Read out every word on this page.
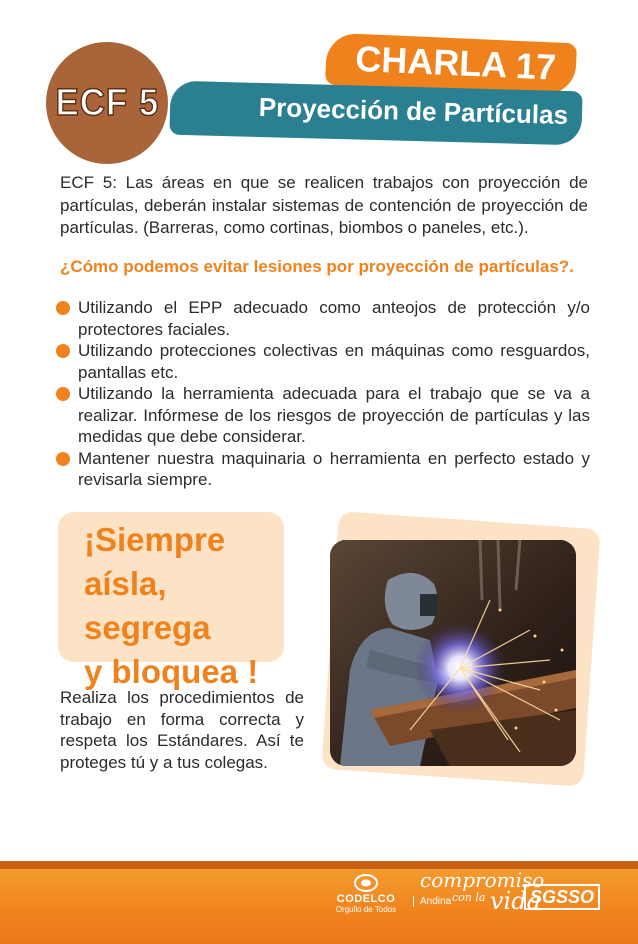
ECF 5
CHARLA 17
Proyección de Partículas
ECF 5: Las áreas en que se realicen trabajos con proyección de partículas, deberán instalar sistemas de contención de proyección de partículas. (Barreras, como cortinas, biombos o paneles, etc.).
¿Cómo podemos evitar lesiones por proyección de partículas?.
Utilizando el EPP adecuado como anteojos de protección y/o protectores faciales.
Utilizando protecciones colectivas en máquinas como resguardos, pantallas etc.
Utilizando la herramienta adecuada para el trabajo que se va a realizar. Infórmese de los riesgos de proyección de partículas y las medidas que debe considerar.
Mantener nuestra maquinaria o herramienta en perfecto estado y revisarla siempre.
¡Siempre
aísla, segrega
y bloquea !
Realiza los procedimientos de trabajo en forma correcta y respeta los Estándares. Así te proteges tú y a tus colegas.
CODELCO
Orgullo de Todos
Andina
compromiso
con la vida
SGSSO
